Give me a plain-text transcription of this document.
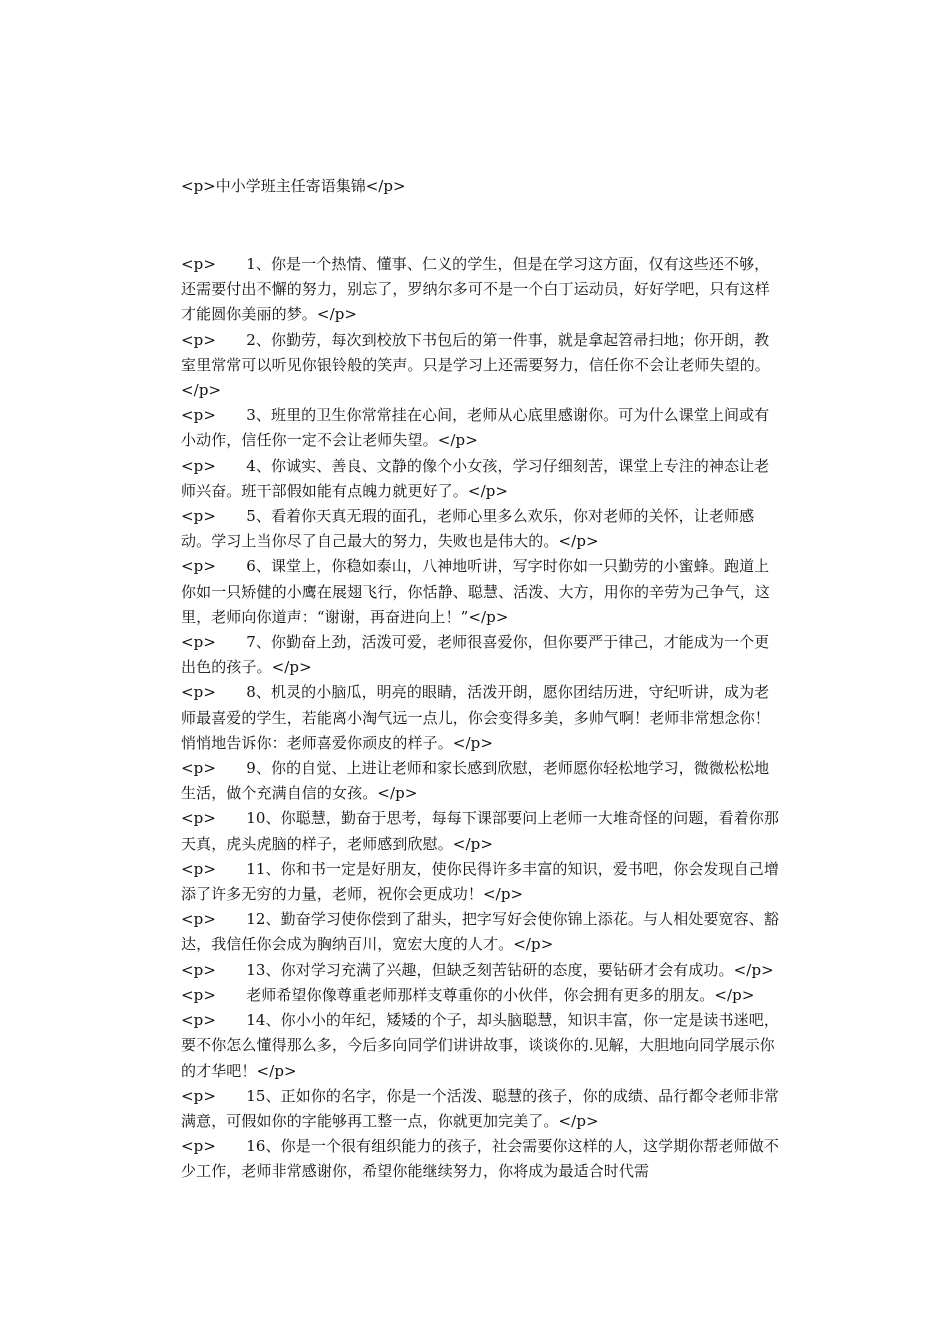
<p>中小学班主任寄语集锦</p>

<p>　　1、你是一个热情、懂事、仁义的学生，但是在学习这方面，仅有这些还不够，还需要付出不懈的努力，别忘了，罗纳尔多可不是一个白丁运动员，好好学吧，只有这样才能圆你美丽的梦。</p>

<p>　　2、你勤劳，每次到校放下书包后的第一件事，就是拿起笤帚扫地；你开朗，教室里常常可以听见你银铃般的笑声。只是学习上还需要努力，信任你不会让老师失望的。</p>

<p>　　3、班里的卫生你常常挂在心间，老师从心底里感谢你。可为什么课堂上间或有小动作，信任你一定不会让老师失望。</p>

<p>　　4、你诚实、善良、文静的像个小女孩，学习仔细刻苦，课堂上专注的神态让老师兴奋。班干部假如能有点魄力就更好了。</p>

<p>　　5、看着你天真无瑕的面孔，老师心里多么欢乐，你对老师的关怀，让老师感动。学习上当你尽了自己最大的努力，失败也是伟大的。</p>

<p>　　6、课堂上，你稳如泰山，八神地听讲，写字时你如一只勤劳的小蜜蜂。跑道上你如一只矫健的小鹰在展翅飞行，你恬静、聪慧、活泼、大方，用你的辛劳为己争气，这里，老师向你道声：“谢谢，再奋进向上！”</p>

<p>　　7、你勤奋上劲，活泼可爱，老师很喜爱你，但你要严于律己，才能成为一个更出色的孩子。</p>

<p>　　8、机灵的小脑瓜，明亮的眼睛，活泼开朗，愿你团结历进，守纪听讲，成为老师最喜爱的学生，若能离小淘气远一点儿，你会变得多美，多帅气啊！老师非常想念你！悄悄地告诉你：老师喜爱你顽皮的样子。</p>

<p>　　9、你的自觉、上进让老师和家长感到欣慰，老师愿你轻松地学习，微微松松地生活，做个充满自信的女孩。</p>

<p>　　10、你聪慧，勤奋于思考，每每下课部要问上老师一大堆奇怪的问题，看着你那天真，虎头虎脑的样子，老师感到欣慰。</p>

<p>　　11、你和书一定是好朋友，使你民得许多丰富的知识，爱书吧，你会发现自己增添了许多无穷的力量，老师，祝你会更成功！</p>

<p>　　12、勤奋学习使你偿到了甜头，把字写好会使你锦上添花。与人相处要宽容、豁达，我信任你会成为胸纳百川，宽宏大度的人才。</p>

<p>　　13、你对学习充满了兴趣，但缺乏刻苦钻研的态度，要钻研才会有成功。</p>

<p>　　老师希望你像尊重老师那样支尊重你的小伙伴，你会拥有更多的朋友。</p>

<p>　　14、你小小的年纪，矮矮的个子，却头脑聪慧，知识丰富，你一定是读书迷吧，要不你怎么懂得那么多，今后多向同学们讲讲故事，谈谈你的.见解，大胆地向同学展示你的才华吧！</p>

<p>　　15、正如你的名字，你是一个活泼、聪慧的孩子，你的成绩、品行都令老师非常满意，可假如你的字能够再工整一点，你就更加完美了。</p>

<p>　　16、你是一个很有组织能力的孩子，社会需要你这样的人，这学期你帮老师做不少工作，老师非常感谢你，希望你能继续努力，你将成为最适合时代需
